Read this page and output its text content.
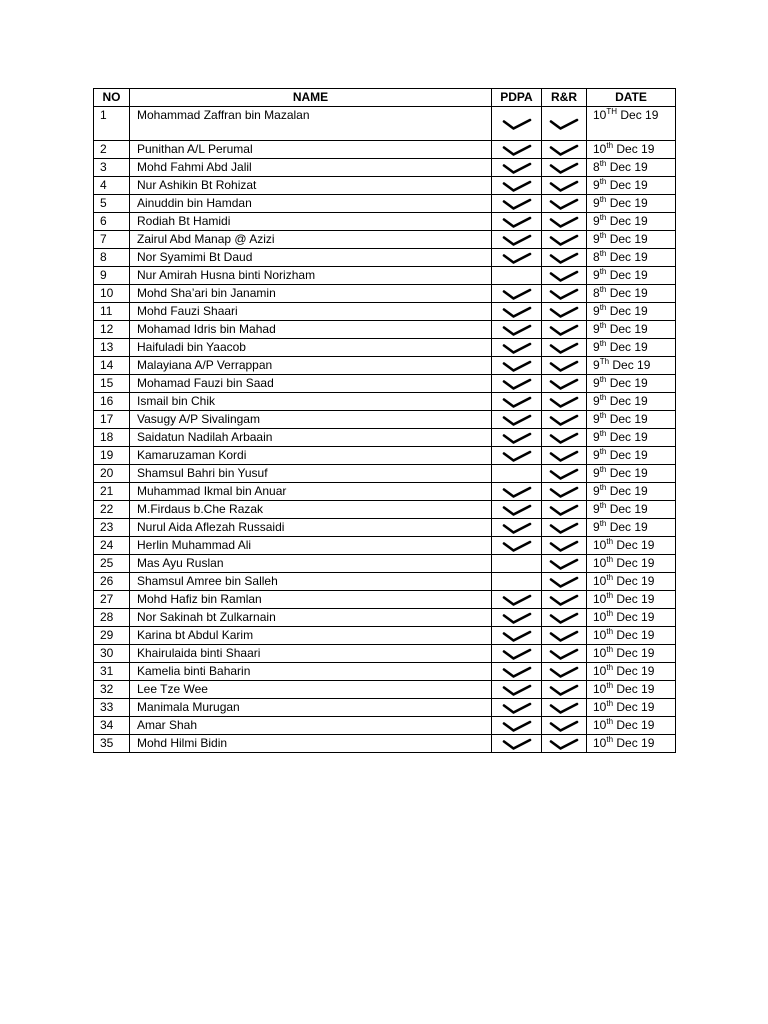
NO	NAME	PDPA	R&R	DATE
1	Mohammad Zaffran bin Mazalan			10TH Dec 19
2	Punithan A/L Perumal			10th Dec 19
3	Mohd Fahmi Abd Jalil			8th Dec 19
4	Nur Ashikin Bt Rohizat			9th Dec 19
5	Ainuddin bin Hamdan			9th Dec 19
6	Rodiah Bt Hamidi			9th Dec 19
7	Zairul Abd Manap @ Azizi			9th Dec 19
8	Nor Syamimi Bt Daud			8th Dec 19
9	Nur Amirah Husna binti Norizham			9th Dec 19
10	Mohd Sha’ari bin Janamin			8th Dec 19
11	Mohd Fauzi Shaari			9th Dec 19
12	Mohamad Idris bin Mahad			9th Dec 19
13	Haifuladi bin Yaacob			9th Dec 19
14	Malayiana A/P Verrappan			9Th Dec 19
15	Mohamad Fauzi bin Saad			9th Dec 19
16	Ismail bin Chik			9th Dec 19
17	Vasugy A/P Sivalingam			9th Dec 19
18	Saidatun Nadilah Arbaain			9th Dec 19
19	Kamaruzaman Kordi			9th Dec 19
20	Shamsul Bahri bin Yusuf			9th Dec 19
21	Muhammad Ikmal bin Anuar			9th Dec 19
22	M.Firdaus b.Che Razak			9th Dec 19
23	Nurul Aida Aflezah Russaidi			9th Dec 19
24	Herlin Muhammad Ali			10th Dec 19
25	Mas Ayu Ruslan			10th Dec 19
26	Shamsul Amree bin Salleh			10th Dec 19
27	Mohd Hafiz bin Ramlan			10th Dec 19
28	Nor Sakinah bt Zulkarnain			10th Dec 19
29	Karina bt Abdul Karim			10th Dec 19
30	Khairulaida binti Shaari			10th Dec 19
31	Kamelia binti Baharin			10th Dec 19
32	Lee Tze Wee			10th Dec 19
33	Manimala Murugan			10th Dec 19
34	Amar Shah			10th Dec 19
35	Mohd Hilmi Bidin			10th Dec 19
